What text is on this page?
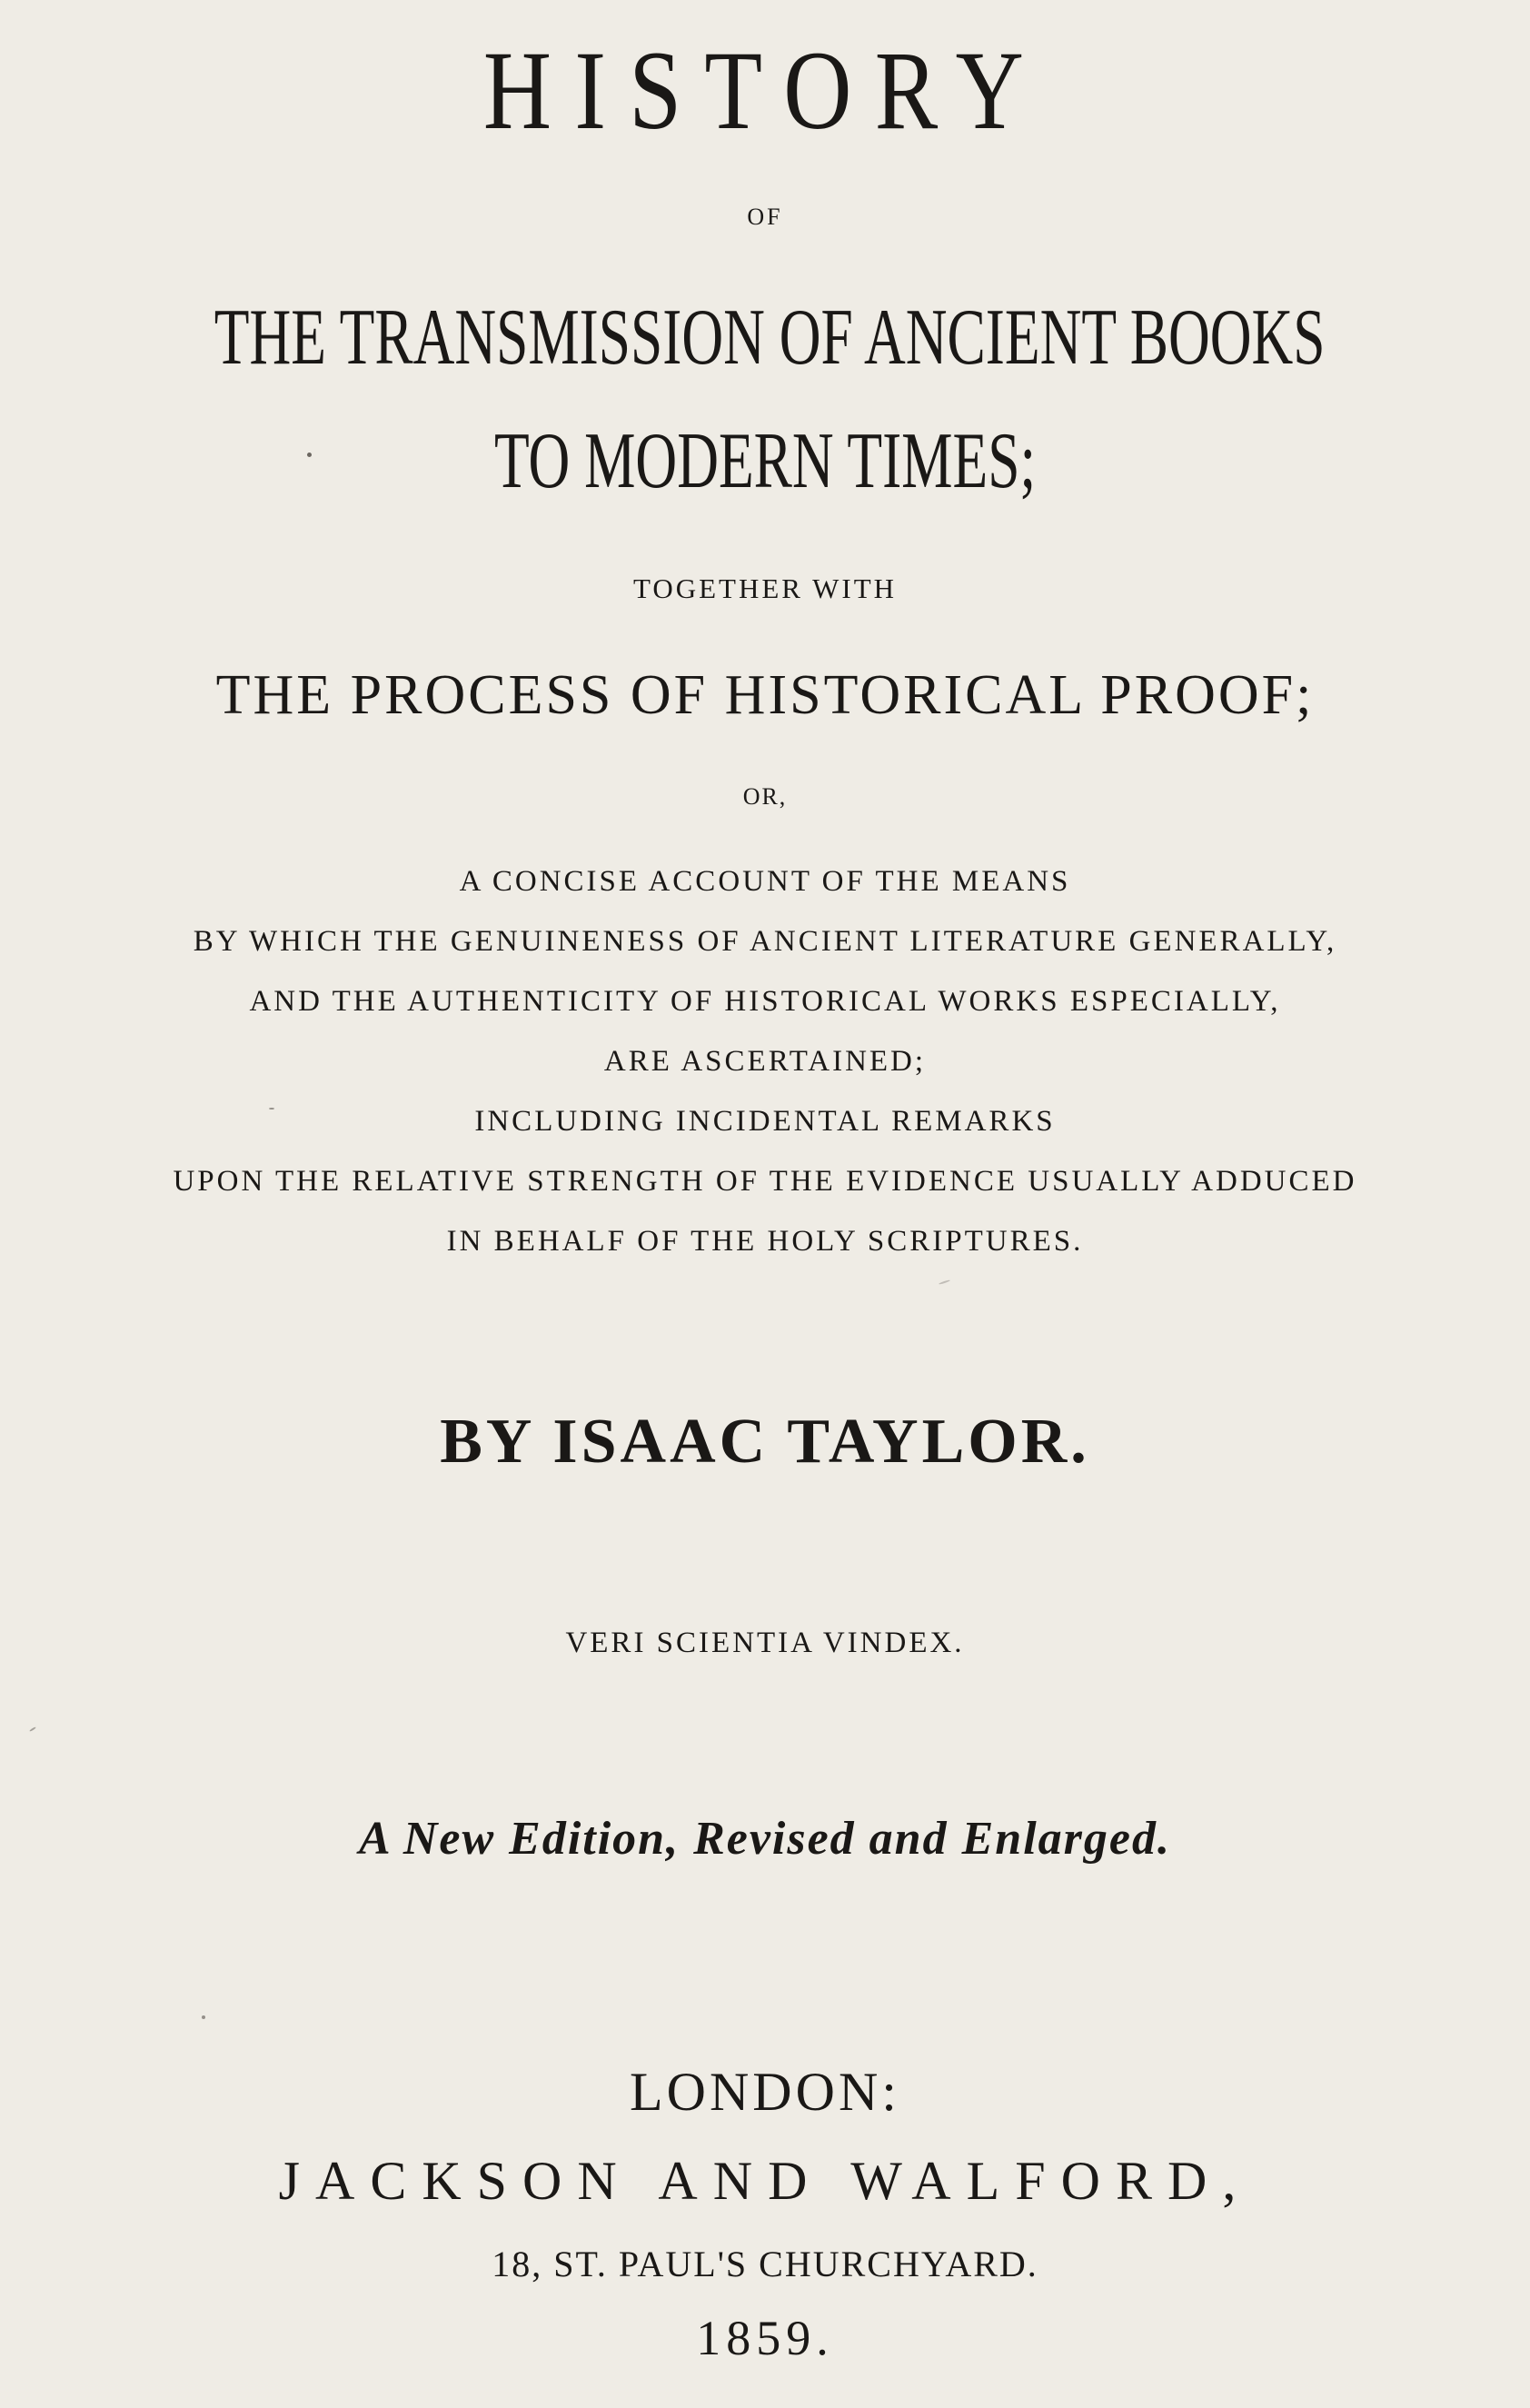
HISTORY
OF
THE TRANSMISSION OF ANCIENT BOOKS
TO MODERN TIMES;
TOGETHER WITH
THE PROCESS OF HISTORICAL PROOF;
OR,
A CONCISE ACCOUNT OF THE MEANS
BY WHICH THE GENUINENESS OF ANCIENT LITERATURE GENERALLY,
AND THE AUTHENTICITY OF HISTORICAL WORKS ESPECIALLY,
ARE ASCERTAINED;
INCLUDING INCIDENTAL REMARKS
UPON THE RELATIVE STRENGTH OF THE EVIDENCE USUALLY ADDUCED
IN BEHALF OF THE HOLY SCRIPTURES.
BY ISAAC TAYLOR.
VERI SCIENTIA VINDEX.
A New Edition, Revised and Enlarged.
LONDON:
JACKSON AND WALFORD,
18, ST. PAUL'S CHURCHYARD.
1859.
